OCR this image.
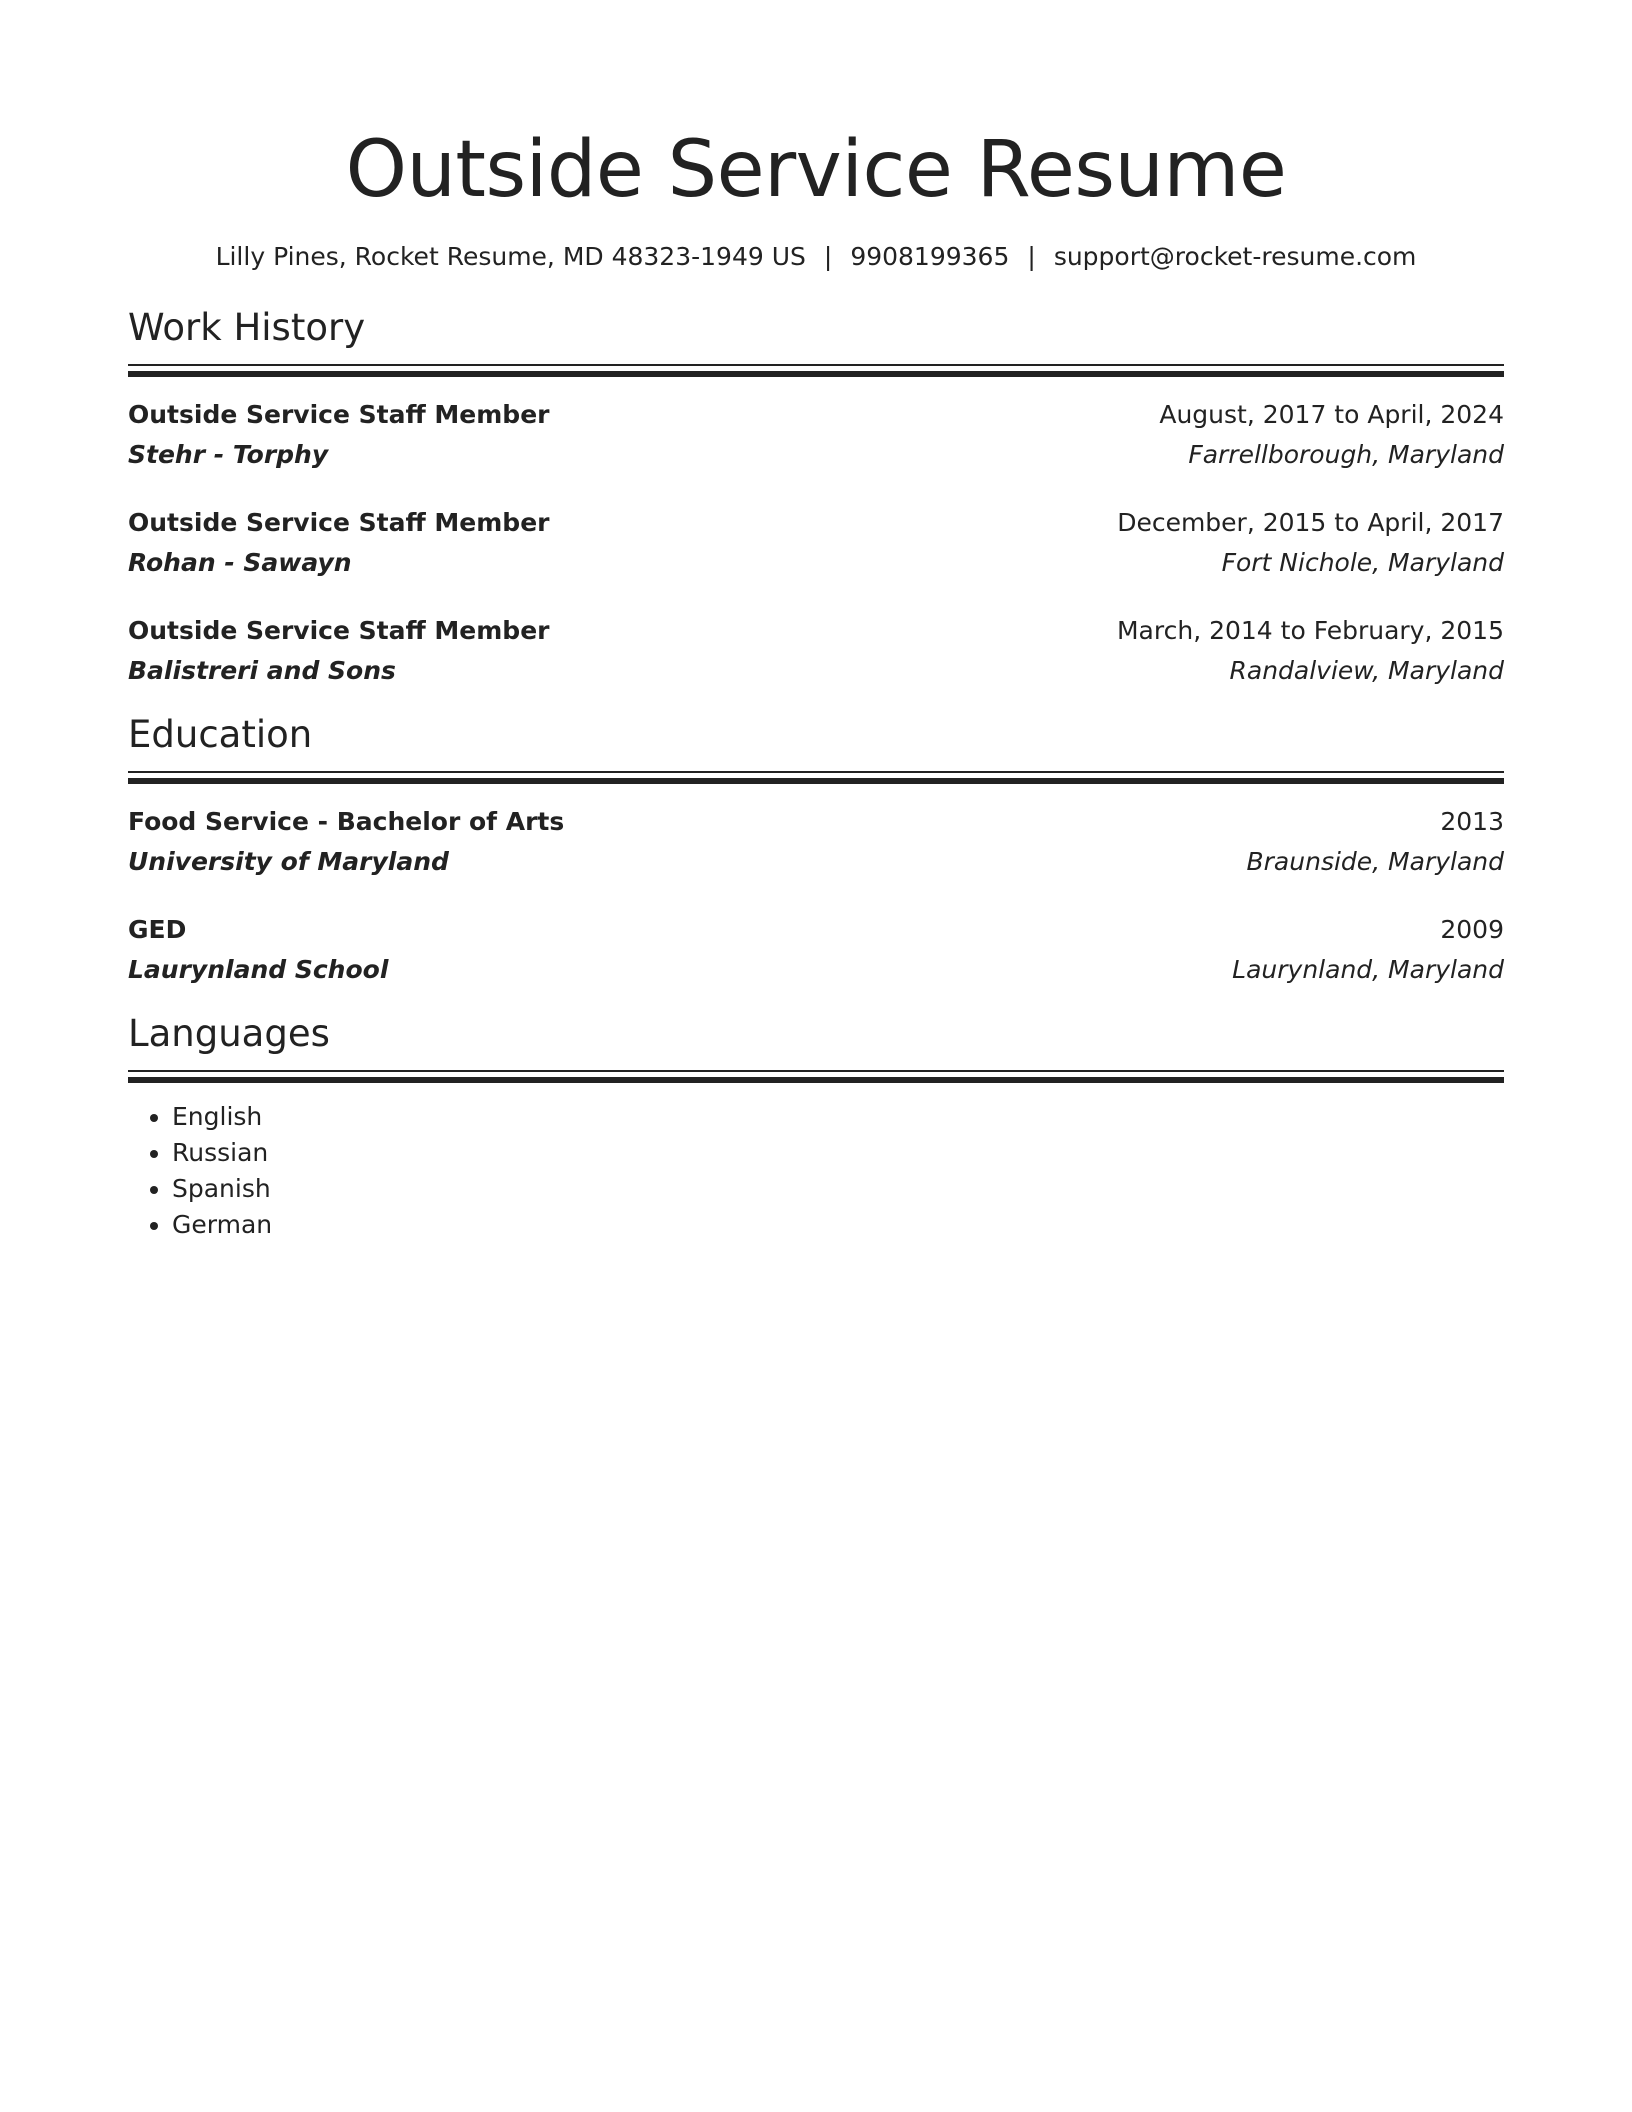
Outside Service Resume
Lilly Pines, Rocket Resume, MD 48323-1949 US | 9908199365 | support@rocket-resume.com
Work History
Outside Service Staff Member	August, 2017 to April, 2024
Stehr - Torphy	Farrellborough, Maryland
Outside Service Staff Member	December, 2015 to April, 2017
Rohan - Sawayn	Fort Nichole, Maryland
Outside Service Staff Member	March, 2014 to February, 2015
Balistreri and Sons	Randalview, Maryland
Education
Food Service - Bachelor of Arts	2013
University of Maryland	Braunside, Maryland
GED	2009
Laurynland School	Laurynland, Maryland
Languages
• English
• Russian
• Spanish
• German
